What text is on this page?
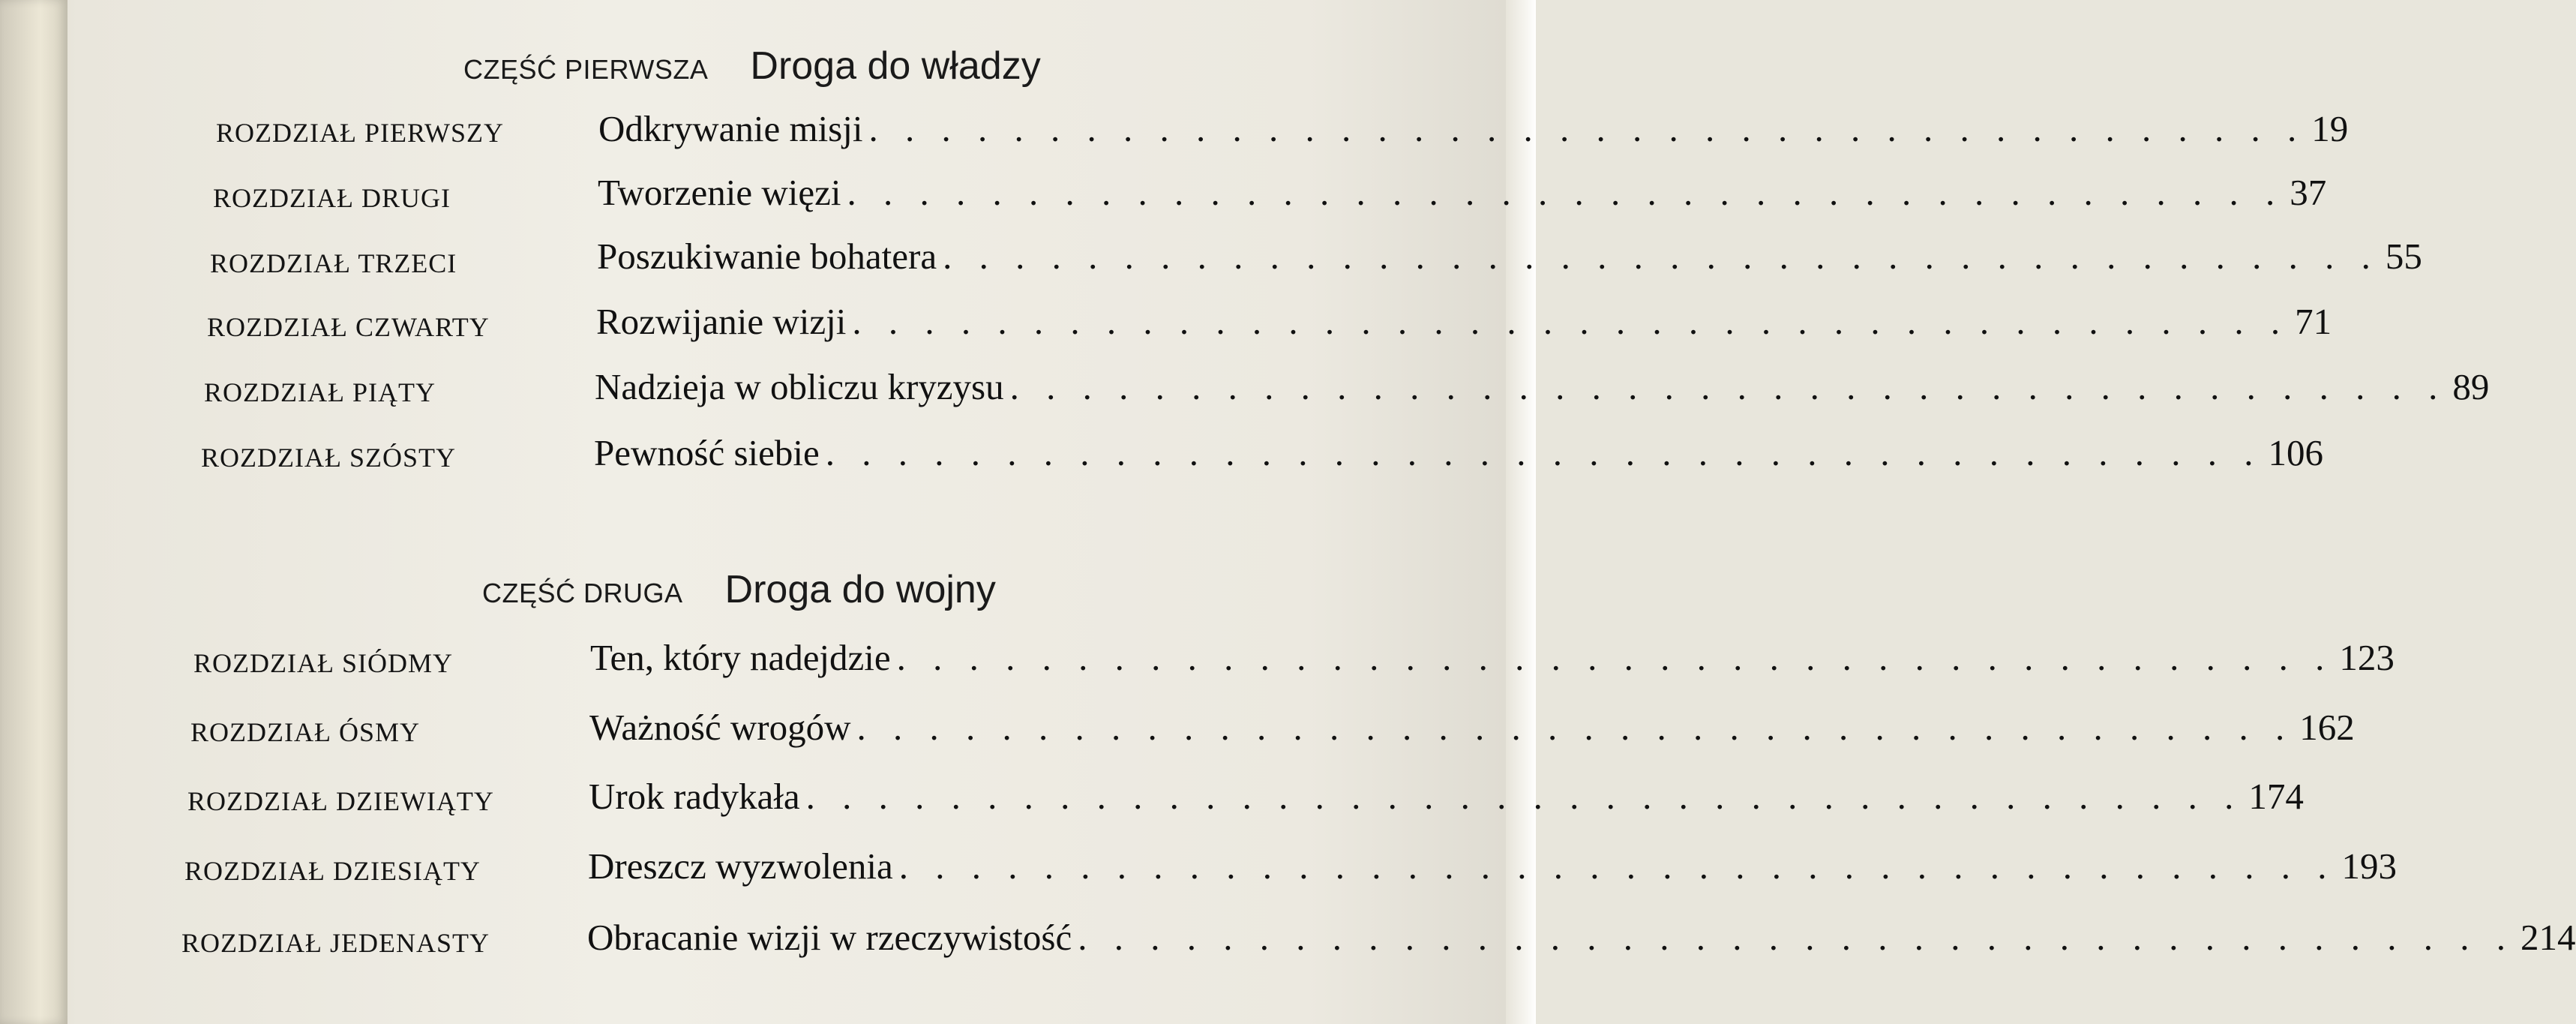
CZĘŚĆ PIERWSZA Droga do władzy
ROZDZIAŁ PIERWSZY	Odkrywanie misji . . . . . . . . . . . . . . . . . . . . . . . . . . . . . . . . . . . . . . . . 19
ROZDZIAŁ DRUGI	Tworzenie więzi . . . . . . . . . . . . . . . . . . . . . . . . . . . . . . . . . . . . . . . . 37
ROZDZIAŁ TRZECI	Poszukiwanie bohatera . . . . . . . . . . . . . . . . . . . . . . . . . . . . . . . . . . . . . . . . 55
ROZDZIAŁ CZWARTY	Rozwijanie wizji . . . . . . . . . . . . . . . . . . . . . . . . . . . . . . . . . . . . . . . . 71
ROZDZIAŁ PIĄTY	Nadzieja w obliczu kryzysu . . . . . . . . . . . . . . . . . . . . . . . . . . . . . . . . . . . . . . . . 89
ROZDZIAŁ SZÓSTY	Pewność siebie . . . . . . . . . . . . . . . . . . . . . . . . . . . . . . . . . . . . . . . . 106
CZĘŚĆ DRUGA Droga do wojny
ROZDZIAŁ SIÓDMY	Ten, który nadejdzie . . . . . . . . . . . . . . . . . . . . . . . . . . . . . . . . . . . . . . . . 123
ROZDZIAŁ ÓSMY	Ważność wrogów . . . . . . . . . . . . . . . . . . . . . . . . . . . . . . . . . . . . . . . . 162
ROZDZIAŁ DZIEWIĄTY	Urok radykała . . . . . . . . . . . . . . . . . . . . . . . . . . . . . . . . . . . . . . . . 174
ROZDZIAŁ DZIESIĄTY	Dreszcz wyzwolenia . . . . . . . . . . . . . . . . . . . . . . . . . . . . . . . . . . . . . . . . 193
ROZDZIAŁ JEDENASTY	Obracanie wizji w rzeczywistość . . . . . . . . . . . . . . . . . . . . . . . . . . . . . . . . . . . . . . . . 214
